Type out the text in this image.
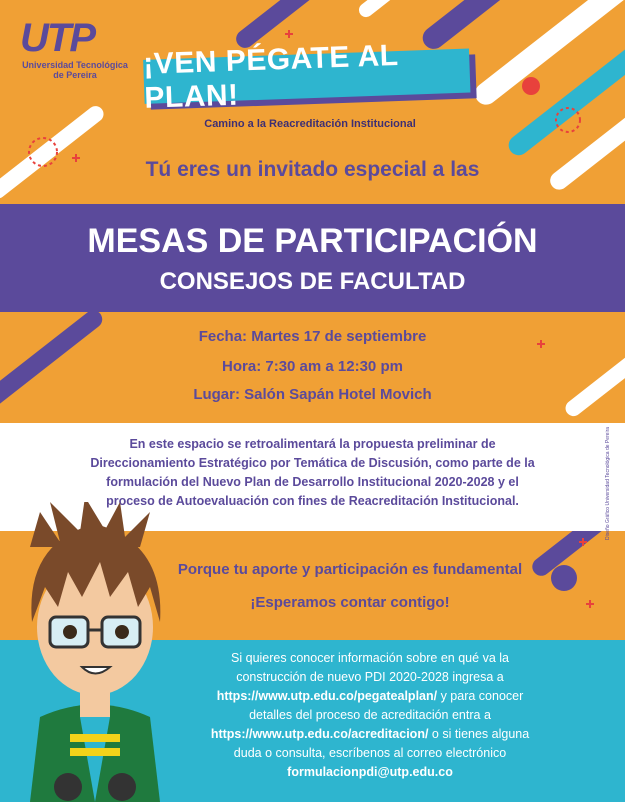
UTP
Universidad Tecnológica
de Pereira	¡VEN PÉGATE AL PLAN!
Camino a la Reacreditación Institucional
Tú eres un invitado especial a las
MESAS DE PARTICIPACIÓN
CONSEJOS DE FACULTAD
Fecha: Martes 17 de septiembre
Hora: 7:30 am a 12:30 pm
Lugar: Salón Sapán Hotel Movich
En este espacio se retroalimentará la propuesta preliminar de
Direccionamiento Estratégico por Temática de Discusión, como parte de la
formulación del Nuevo Plan de Desarrollo Institucional 2020-2028 y el
proceso de Autoevaluación con fines de Reacreditación Institucional.
Porque tu aporte y participación es fundamental
¡Esperamos contar contigo!
Si quieres conocer información sobre en qué va la
construcción de nuevo PDI 2020-2028 ingresa a
https://www.utp.edu.co/pegatealplan/ y para conocer
detalles del proceso de acreditación entra a
https://www.utp.edu.co/acreditacion/ o si tienes alguna
duda o consulta, escríbenos al correo electrónico
formulacionpdi@utp.edu.co
Diseño Gráfico Universidad Tecnológica de Pereira
